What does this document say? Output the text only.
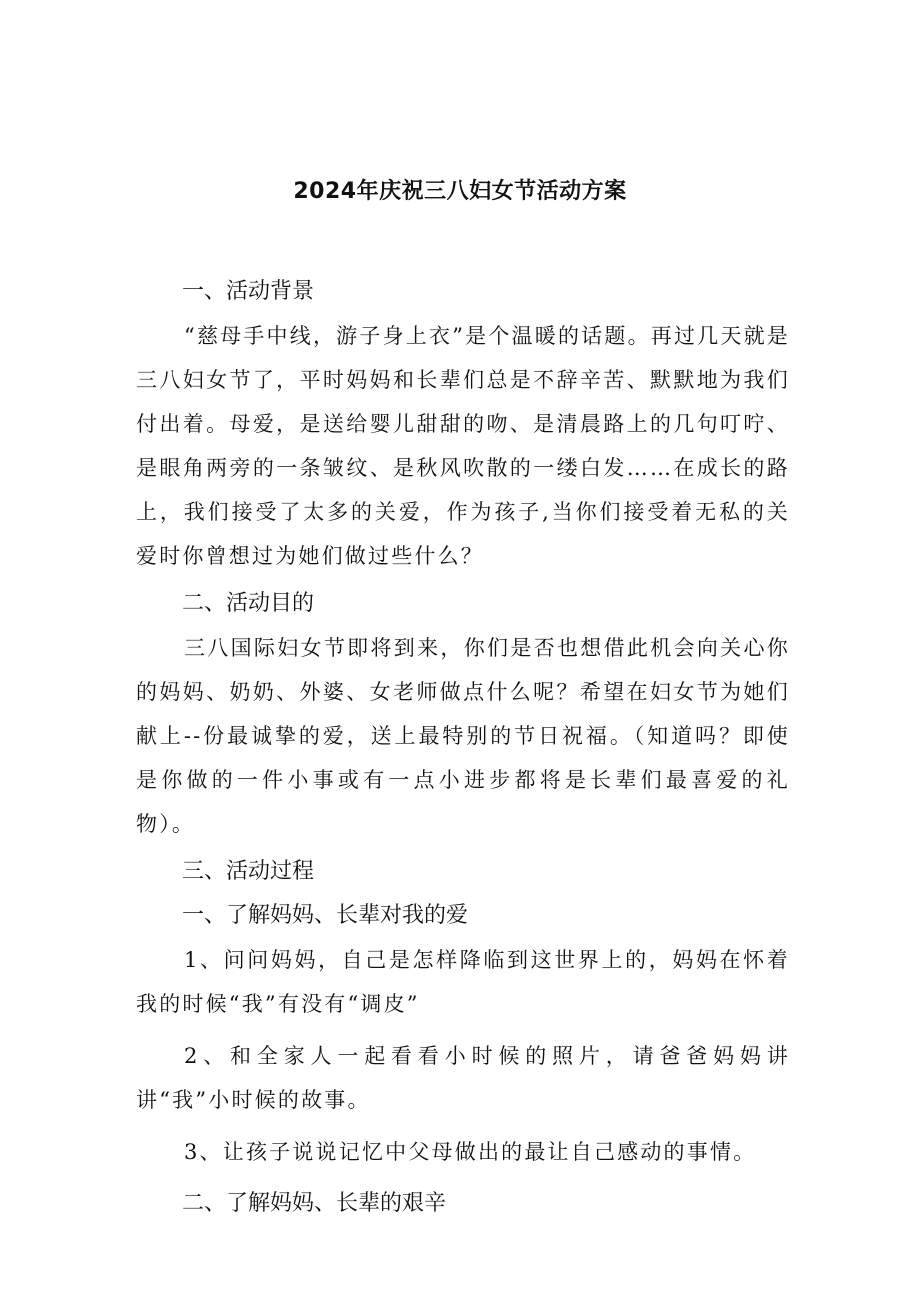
2024年庆祝三八妇女节活动方案

一、活动背景

“慈母手中线，游子身上衣”是个温暖的话题。再过几天就是三八妇女节了，平时妈妈和长辈们总是不辞辛苦、默默地为我们付出着。母爱，是送给婴儿甜甜的吻、是清晨路上的几句叮咛、是眼角两旁的一条皱纹、是秋风吹散的一缕白发……在成长的路上，我们接受了太多的关爱，作为孩子,当你们接受着无私的关爱时你曾想过为她们做过些什么？

二、活动目的

三八国际妇女节即将到来，你们是否也想借此机会向关心你的妈妈、奶奶、外婆、女老师做点什么呢？希望在妇女节为她们献上--份最诚挚的爱，送上最特别的节日祝福。（知道吗？即使是你做的一件小事或有一点小进步都将是长辈们最喜爱的礼物）。

三、活动过程

一、了解妈妈、长辈对我的爱

1、问问妈妈，自己是怎样降临到这世界上的，妈妈在怀着我的时候“我”有没有“调皮”

2、和全家人一起看看小时候的照片，请爸爸妈妈讲讲“我”小时候的故事。

3、让孩子说说记忆中父母做出的最让自己感动的事情。

二、了解妈妈、长辈的艰辛
